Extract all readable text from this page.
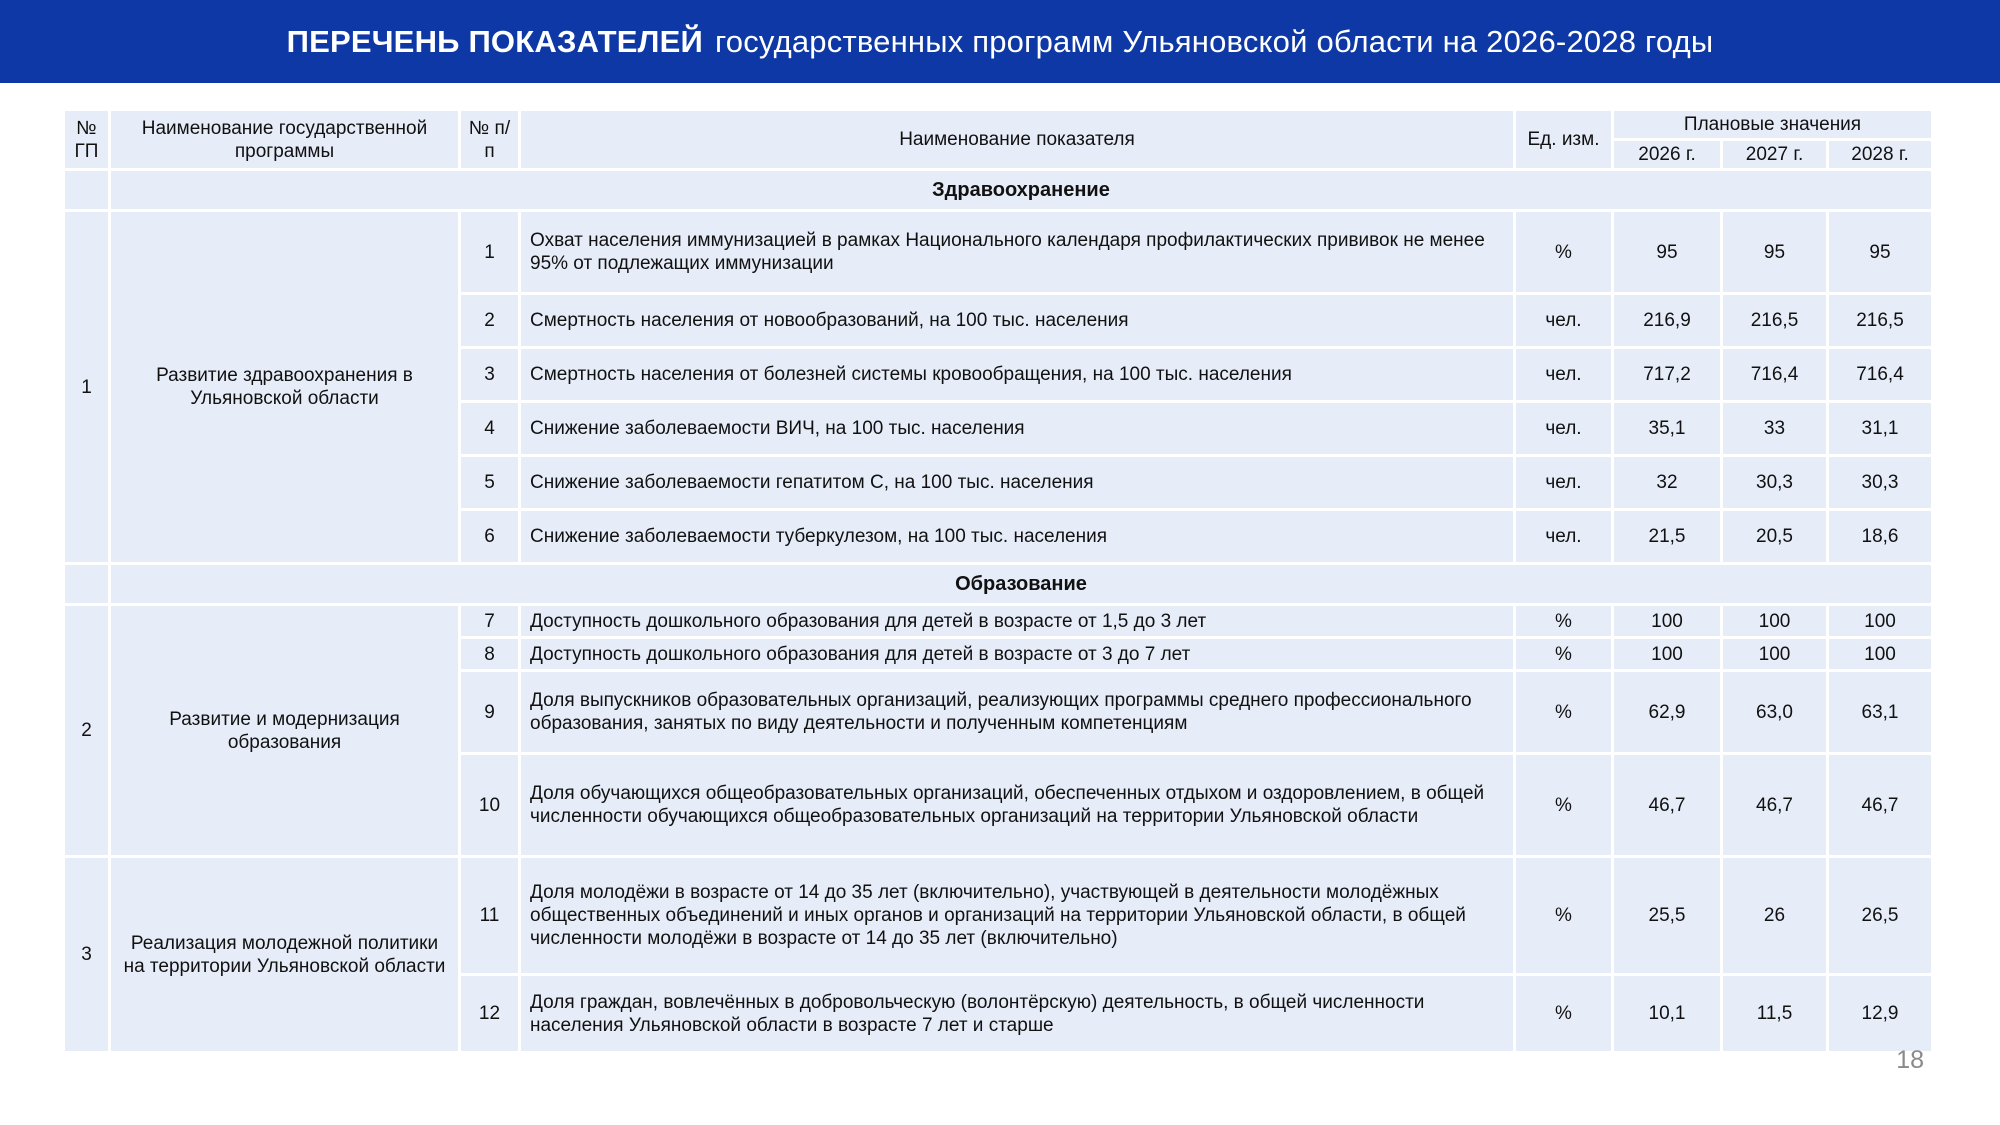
ПЕРЕЧЕНЬ ПОКАЗАТЕЛЕЙ государственных программ Ульяновской области на 2026-2028 годы
№ ГП	Наименование государственной программы	№ п/п	Наименование показателя	Ед. изм.	Плановые значения		
					2026 г.	2027 г.	2028 г.
	Здравоохранение						
1	Развитие здравоохранения в Ульяновской области	1	Охват населения иммунизацией в рамках Национального календаря профилактических прививок не менее 95% от подлежащих иммунизации	%	95	95	95
		2	Смертность населения от новообразований, на 100 тыс. населения	чел.	216,9	216,5	216,5
		3	Смертность населения от болезней системы кровообращения, на 100 тыс. населения	чел.	717,2	716,4	716,4
		4	Снижение заболеваемости ВИЧ, на 100 тыс. населения	чел.	35,1	33	31,1
		5	Снижение заболеваемости гепатитом С, на 100 тыс. населения	чел.	32	30,3	30,3
		6	Снижение заболеваемости туберкулезом, на 100 тыс. населения	чел.	21,5	20,5	18,6
	Образование						
2	Развитие и модернизация образования	7	Доступность дошкольного образования для детей в возрасте от 1,5 до 3 лет	%	100	100	100
		8	Доступность дошкольного образования для детей в возрасте от 3 до 7 лет	%	100	100	100
		9	Доля выпускников образовательных организаций, реализующих программы среднего профессионального образования, занятых по виду деятельности и полученным компетенциям	%	62,9	63,0	63,1
		10	Доля обучающихся общеобразовательных организаций, обеспеченных отдыхом и оздоровлением, в общей численности обучающихся общеобразовательных организаций на территории Ульяновской области	%	46,7	46,7	46,7
3	Реализация молодежной политики на территории Ульяновской области	11	Доля молодёжи в возрасте от 14 до 35 лет (включительно), участвующей в деятельности молодёжных общественных объединений и иных органов и организаций на территории Ульяновской области, в общей численности молодёжи в возрасте от 14 до 35 лет (включительно)	%	25,5	26	26,5
		12	Доля граждан, вовлечённых в добровольческую (волонтёрскую) деятельность, в общей численности населения Ульяновской области в возрасте 7 лет и старше	%	10,1	11,5	12,9
18
